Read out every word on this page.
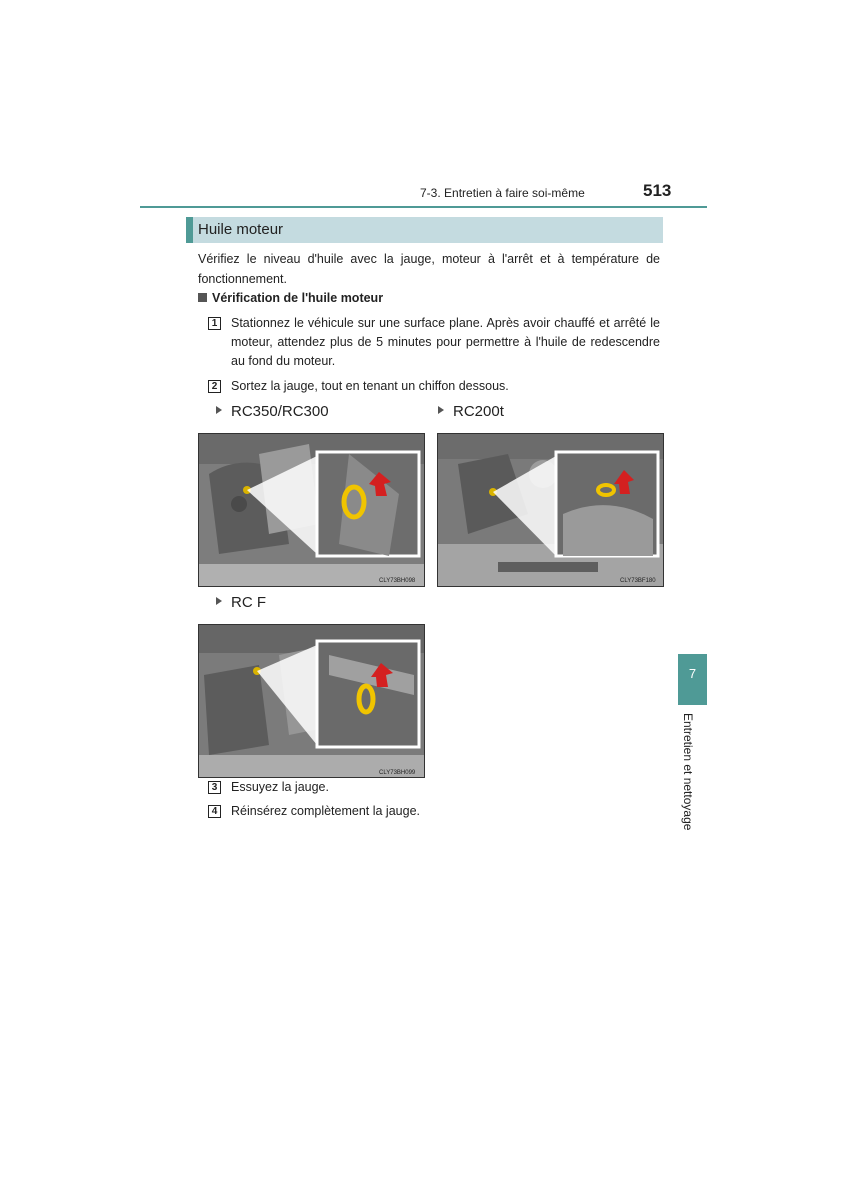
7-3. Entretien à faire soi-même	513
Huile moteur
Vérifiez le niveau d'huile avec la jauge, moteur à l'arrêt et à température de fonctionnement.
Vérification de l'huile moteur
1 Stationnez le véhicule sur une surface plane. Après avoir chauffé et arrêté le moteur, attendez plus de 5 minutes pour permettre à l'huile de redescendre au fond du moteur.
2 Sortez la jauge, tout en tenant un chiffon dessous.
RC350/RC300	RC200t
CLY73BH098	CLY73BF180
RC F
CLY73BH099
3 Essuyez la jauge.
4 Réinsérez complètement la jauge.
7
Entretien et nettoyage
